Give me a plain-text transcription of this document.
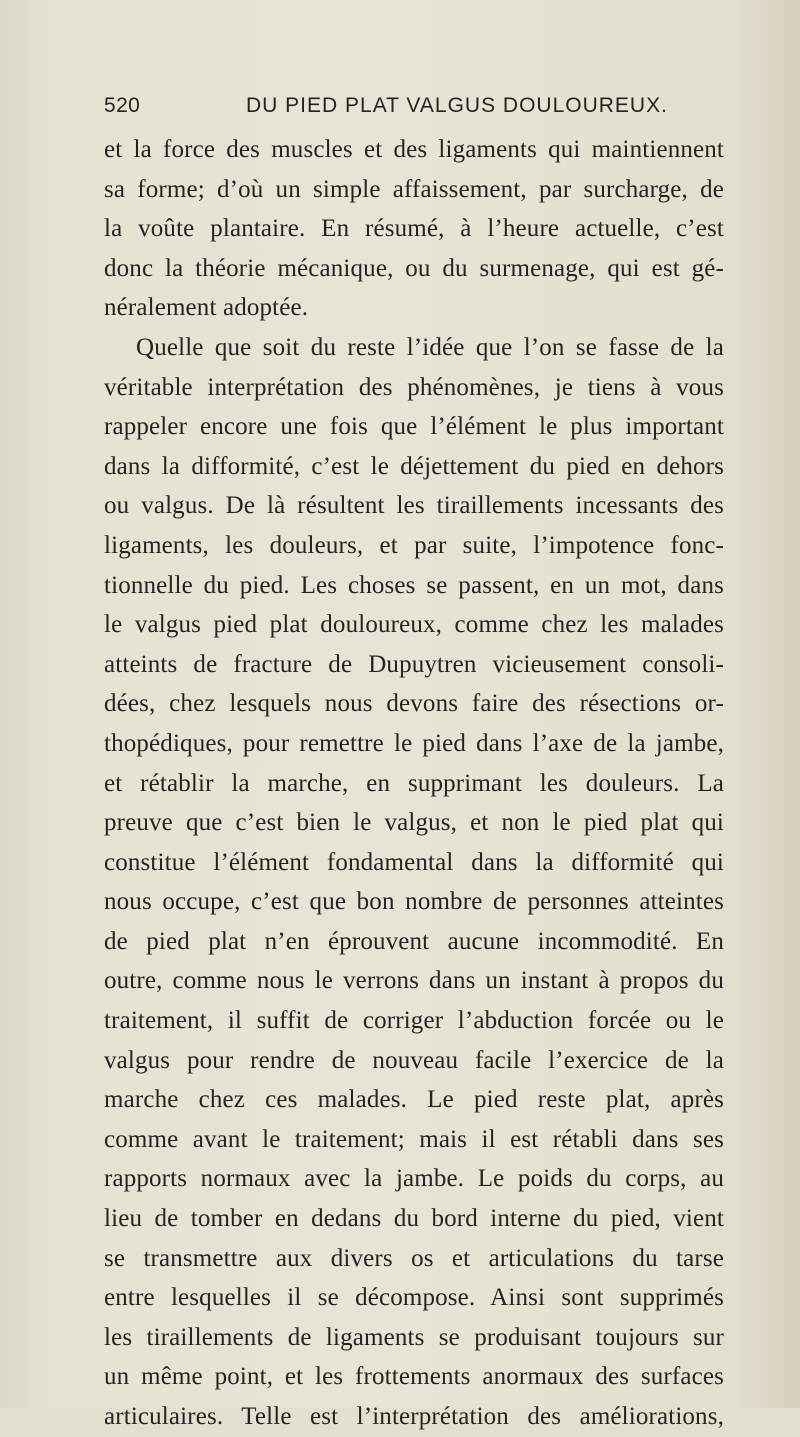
520	DU PIED PLAT VALGUS DOULOUREUX.
et la force des muscles et des ligaments qui maintiennent
sa forme; d’où un simple affaissement, par surcharge, de
la voûte plantaire. En résumé, à l’heure actuelle, c’est
donc la théorie mécanique, ou du surmenage, qui est gé-
néralement adoptée.
Quelle que soit du reste l’idée que l’on se fasse de la
véritable interprétation des phénomènes, je tiens à vous
rappeler encore une fois que l’élément le plus important
dans la difformité, c’est le déjettement du pied en dehors
ou valgus. De là résultent les tiraillements incessants des
ligaments, les douleurs, et par suite, l’impotence fonc-
tionnelle du pied. Les choses se passent, en un mot, dans
le valgus pied plat douloureux, comme chez les malades
atteints de fracture de Dupuytren vicieusement consoli-
dées, chez lesquels nous devons faire des résections or-
thopédiques, pour remettre le pied dans l’axe de la jambe,
et rétablir la marche, en supprimant les douleurs. La
preuve que c’est bien le valgus, et non le pied plat qui
constitue l’élément fondamental dans la difformité qui
nous occupe, c’est que bon nombre de personnes atteintes
de pied plat n’en éprouvent aucune incommodité. En
outre, comme nous le verrons dans un instant à propos du
traitement, il suffit de corriger l’abduction forcée ou le
valgus pour rendre de nouveau facile l’exercice de la
marche chez ces malades. Le pied reste plat, après
comme avant le traitement; mais il est rétabli dans ses
rapports normaux avec la jambe. Le poids du corps, au
lieu de tomber en dedans du bord interne du pied, vient
se transmettre aux divers os et articulations du tarse
entre lesquelles il se décompose. Ainsi sont supprimés
les tiraillements de ligaments se produisant toujours sur
un même point, et les frottements anormaux des surfaces
articulaires. Telle est l’interprétation des améliorations,
